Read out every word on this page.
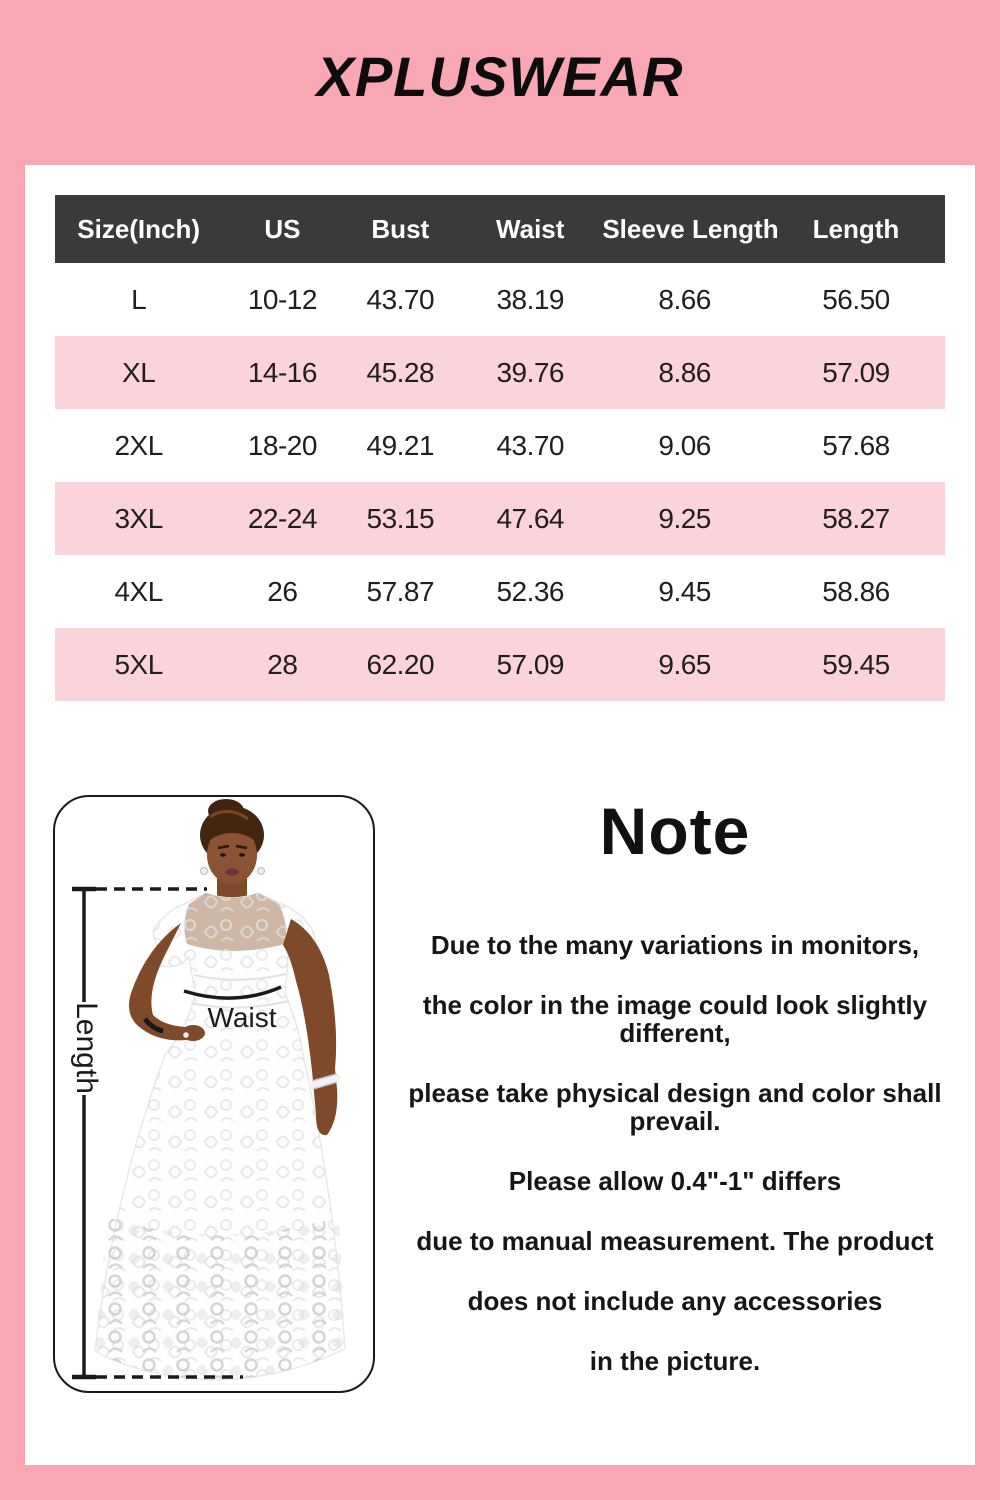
XPLUSWEAR
Size(Inch)	US	Bust	Waist	Sleeve Length	Length
L	10-12	43.70	38.19	8.66	56.50
XL	14-16	45.28	39.76	8.86	57.09
2XL	18-20	49.21	43.70	9.06	57.68
3XL	22-24	53.15	47.64	9.25	58.27
4XL	26	57.87	52.36	9.45	58.86
5XL	28	62.20	57.09	9.65	59.45
Length	Waist
Note

Due to the many variations in monitors,

the color in the image could look slightly different,

please take physical design and color shall prevail.

Please allow 0.4"-1" differs

due to manual measurement. The product

does not include any accessories

in the picture.
